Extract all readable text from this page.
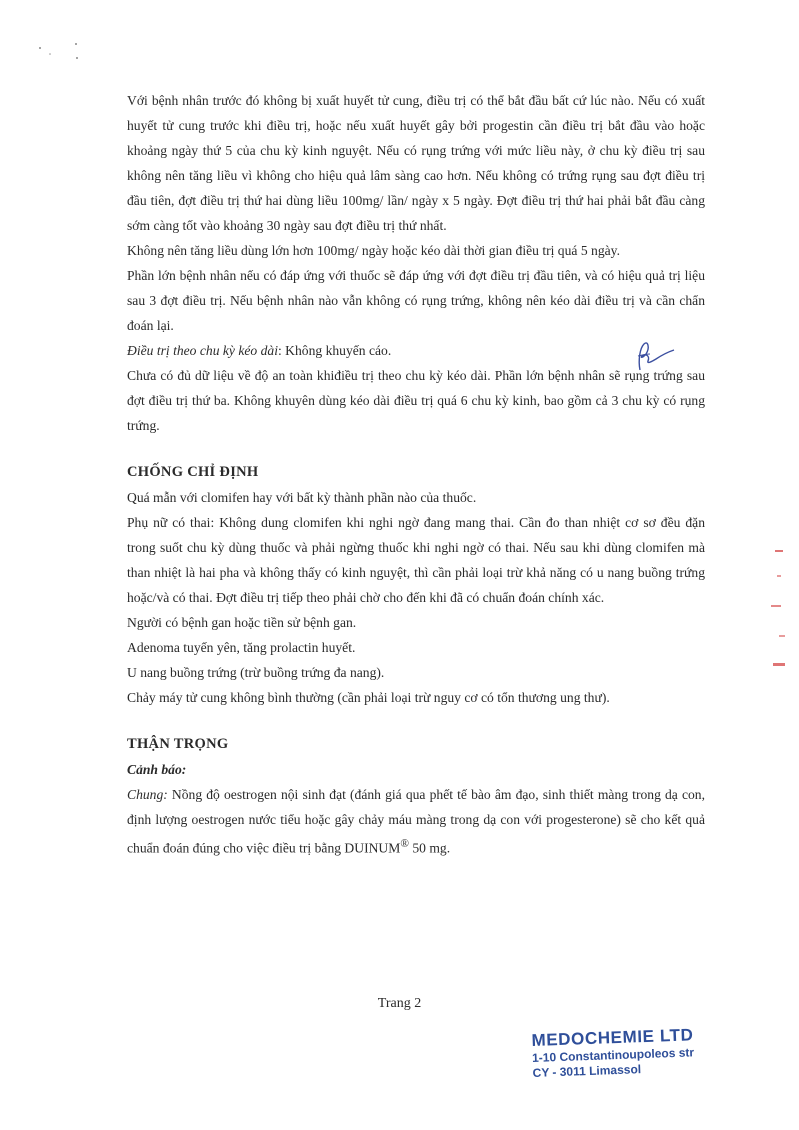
Với bệnh nhân trước đó không bị xuất huyết tử cung, điều trị có thể bắt đầu bất cứ lúc nào. Nếu có xuất huyết tử cung trước khi điều trị, hoặc nếu xuất huyết gây bởi progestin cần điều trị bắt đầu vào hoặc khoảng ngày thứ 5 của chu kỳ kinh nguyệt. Nếu có rụng trứng với mức liều này, ở chu kỳ điều trị sau không nên tăng liều vì không cho hiệu quả lâm sàng cao hơn. Nếu không có trứng rụng sau đợt điều trị đầu tiên, đợt điều trị thứ hai dùng liều 100mg/ lần/ ngày x 5 ngày. Đợt điều trị thứ hai phải bắt đầu càng sớm càng tốt vào khoảng 30 ngày sau đợt điều trị thứ nhất.

Không nên tăng liều dùng lớn hơn 100mg/ ngày hoặc kéo dài thời gian điều trị quá 5 ngày.

Phần lớn bệnh nhân nếu có đáp ứng với thuốc sẽ đáp ứng với đợt điều trị đầu tiên, và có hiệu quả trị liệu sau 3 đợt điều trị. Nếu bệnh nhân nào vẫn không có rụng trứng, không nên kéo dài điều trị và cần chẩn đoán lại.

Điều trị theo chu kỳ kéo dài: Không khuyến cáo.

Chưa có đủ dữ liệu về độ an toàn khiđiều trị theo chu kỳ kéo dài. Phần lớn bệnh nhân sẽ rụng trứng sau đợt điều trị thứ ba. Không khuyên dùng kéo dài điều trị quá 6 chu kỳ kinh, bao gồm cả 3 chu kỳ có rụng trứng.

CHỐNG CHỈ ĐỊNH

Quá mẫn với clomifen hay với bất kỳ thành phần nào của thuốc.

Phụ nữ có thai: Không dung clomifen khi nghi ngờ đang mang thai. Cần đo than nhiệt cơ sơ đều đặn trong suốt chu kỳ dùng thuốc và phải ngừng thuốc khi nghi ngờ có thai. Nếu sau khi dùng clomifen mà than nhiệt là hai pha và không thấy có kinh nguyệt, thì cần phải loại trừ khả năng có u nang buồng trứng hoặc/và có thai. Đợt điều trị tiếp theo phải chờ cho đến khi đã có chuẩn đoán chính xác.

Người có bệnh gan hoặc tiền sử bệnh gan.

Adenoma tuyến yên, tăng prolactin huyết.

U nang buồng trứng (trừ buồng trứng đa nang).

Chảy máy tử cung không bình thường (cần phải loại trừ nguy cơ có tổn thương ung thư).

THẬN TRỌNG

Cảnh báo:

Chung: Nồng độ oestrogen nội sinh đạt (đánh giá qua phết tế bào âm đạo, sinh thiết màng trong dạ con, định lượng oestrogen nước tiểu hoặc gây chảy máu màng trong dạ con với progesterone) sẽ cho kết quả chuẩn đoán đúng cho việc điều trị bằng DUINUM® 50 mg.

Trang 2
MEDOCHEMIE LTD
1-10 Constantinoupoleos str
CY - 3011 Limassol
